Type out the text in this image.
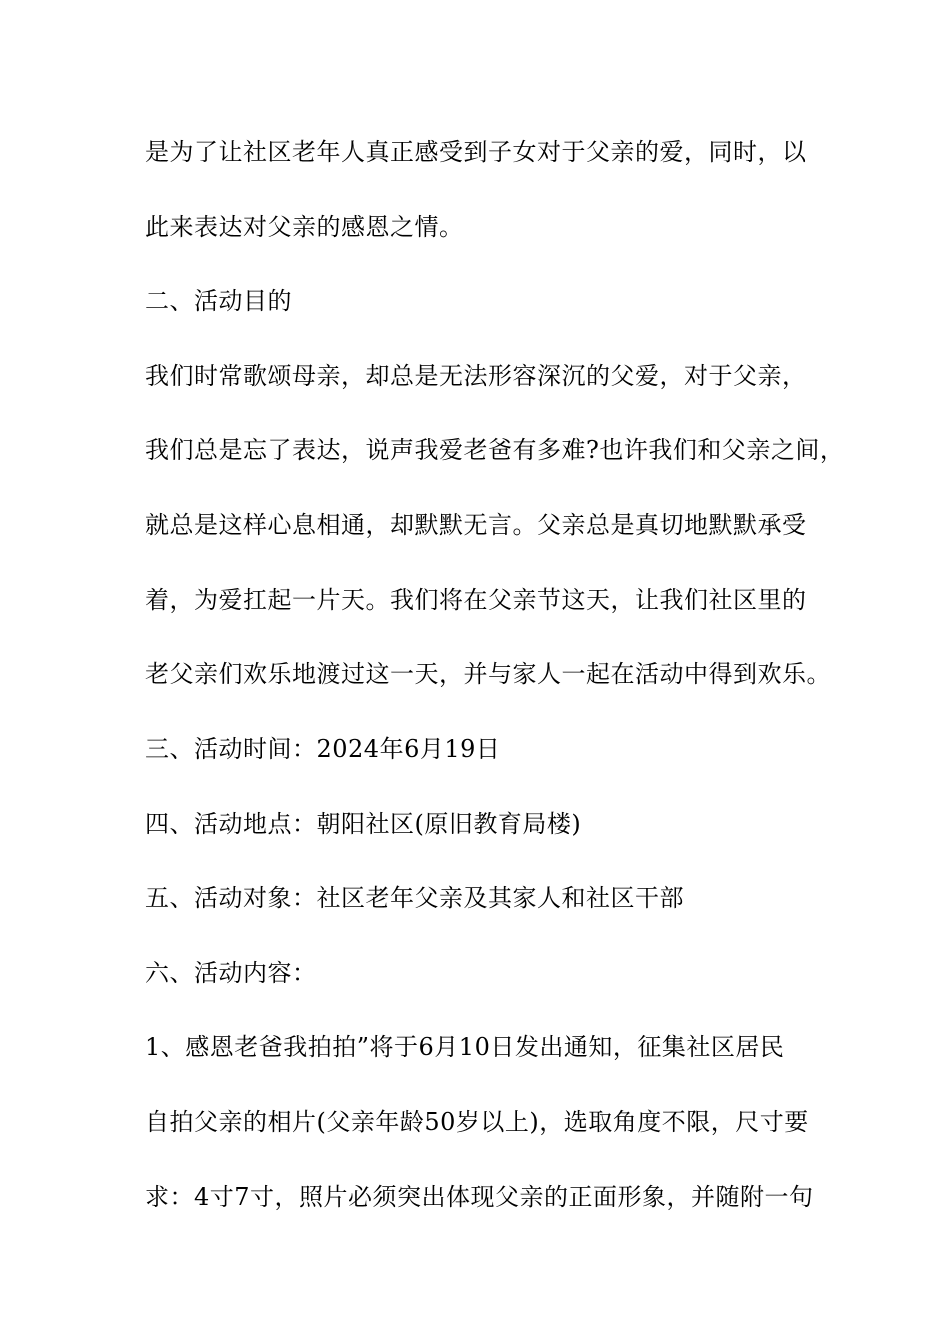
是为了让社区老年人真正感受到子女对于父亲的爱，同时，以
此来表达对父亲的感恩之情。
二、活动目的
我们时常歌颂母亲，却总是无法形容深沉的父爱，对于父亲，
我们总是忘了表达，说声我爱老爸有多难?也许我们和父亲之间，
就总是这样心息相通，却默默无言。父亲总是真切地默默承受
着，为爱扛起一片天。我们将在父亲节这天，让我们社区里的
老父亲们欢乐地渡过这一天，并与家人一起在活动中得到欢乐。
三、活动时间：2024年6月19日
四、活动地点：朝阳社区(原旧教育局楼)
五、活动对象：社区老年父亲及其家人和社区干部
六、活动内容：
1、感恩老爸我拍拍”将于6月10日发出通知，征集社区居民
自拍父亲的相片(父亲年龄50岁以上)，选取角度不限，尺寸要
求：4寸7寸，照片必须突出体现父亲的正面形象，并随附一句
